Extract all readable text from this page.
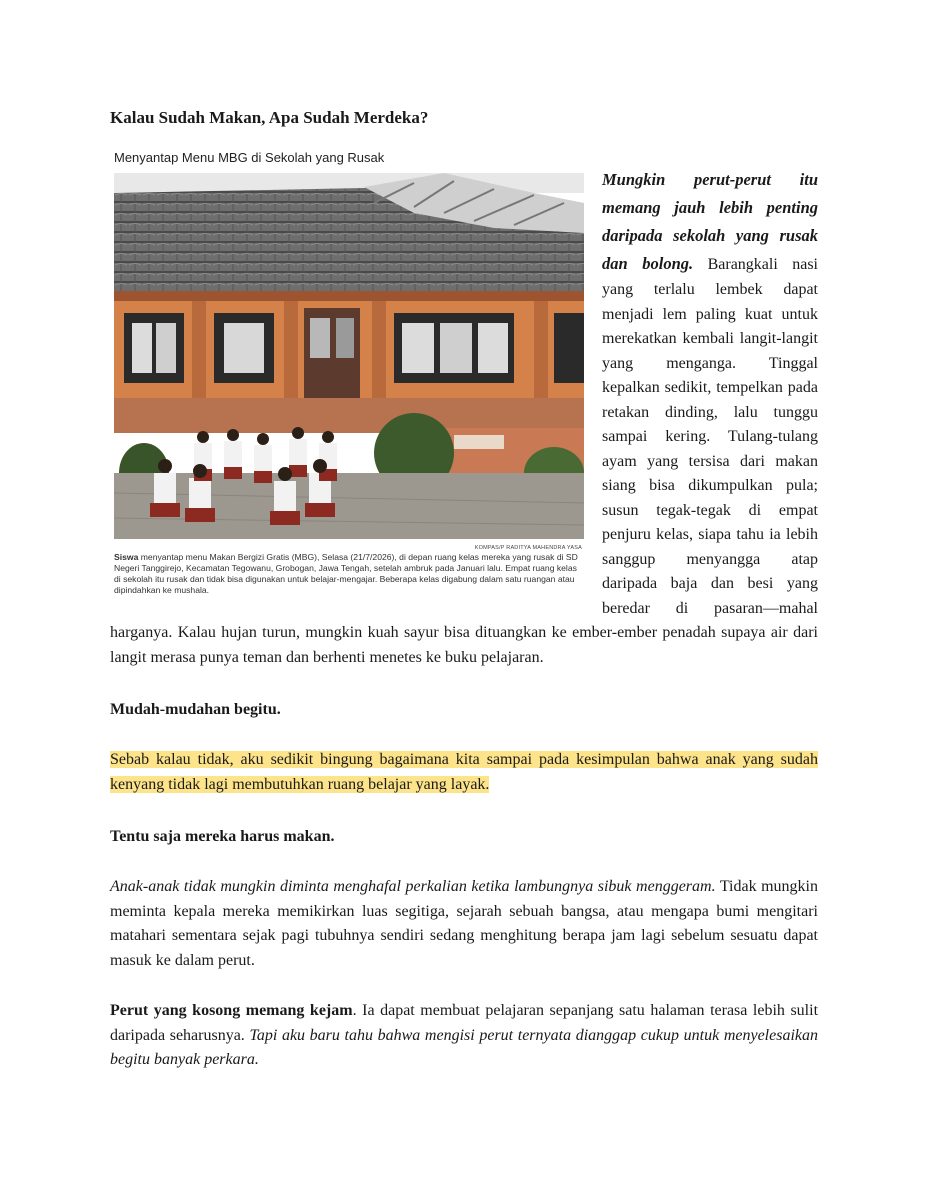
Kalau Sudah Makan, Apa Sudah Merdeka?
Menyantap Menu MBG di Sekolah yang Rusak
KOMPAS/P RADITYA MAHENDRA YASA

Siswa menyantap menu Makan Bergizi Gratis (MBG), Selasa (21/7/2026), di depan ruang kelas mereka yang rusak di SD Negeri Tanggirejo, Kecamatan Tegowanu, Grobogan, Jawa Tengah, setelah ambruk pada Januari lalu. Empat ruang kelas di sekolah itu rusak dan tidak bisa digunakan untuk belajar-mengajar. Beberapa kelas digabung dalam satu ruangan atau dipindahkan ke mushala.

Mungkin perut-perut itu memang jauh lebih penting daripada sekolah yang rusak dan bolong. Barangkali nasi yang terlalu lembek dapat menjadi lem paling kuat untuk merekatkan kembali langit-langit yang menganga. Tinggal kepalkan sedikit, tempelkan pada retakan dinding, lalu tunggu sampai kering. Tulang-tulang ayam yang tersisa dari makan siang bisa dikumpulkan pula; susun tegak-tegak di empat penjuru kelas, siapa tahu ia lebih sanggup menyangga atap daripada baja dan besi yang beredar di pasaran—mahal harganya. Kalau hujan turun, mungkin kuah sayur bisa dituangkan ke ember-ember penadah supaya air dari langit merasa punya teman dan berhenti menetes ke buku pelajaran.

Mudah-mudahan begitu.

Sebab kalau tidak, aku sedikit bingung bagaimana kita sampai pada kesimpulan bahwa anak yang sudah kenyang tidak lagi membutuhkan ruang belajar yang layak.

Tentu saja mereka harus makan.

Anak-anak tidak mungkin diminta menghafal perkalian ketika lambungnya sibuk menggeram. Tidak mungkin meminta kepala mereka memikirkan luas segitiga, sejarah sebuah bangsa, atau mengapa bumi mengitari matahari sementara sejak pagi tubuhnya sendiri sedang menghitung berapa jam lagi sebelum sesuatu dapat masuk ke dalam perut.

Perut yang kosong memang kejam. Ia dapat membuat pelajaran sepanjang satu halaman terasa lebih sulit daripada seharusnya. Tapi aku baru tahu bahwa mengisi perut ternyata dianggap cukup untuk menyelesaikan begitu banyak perkara.
